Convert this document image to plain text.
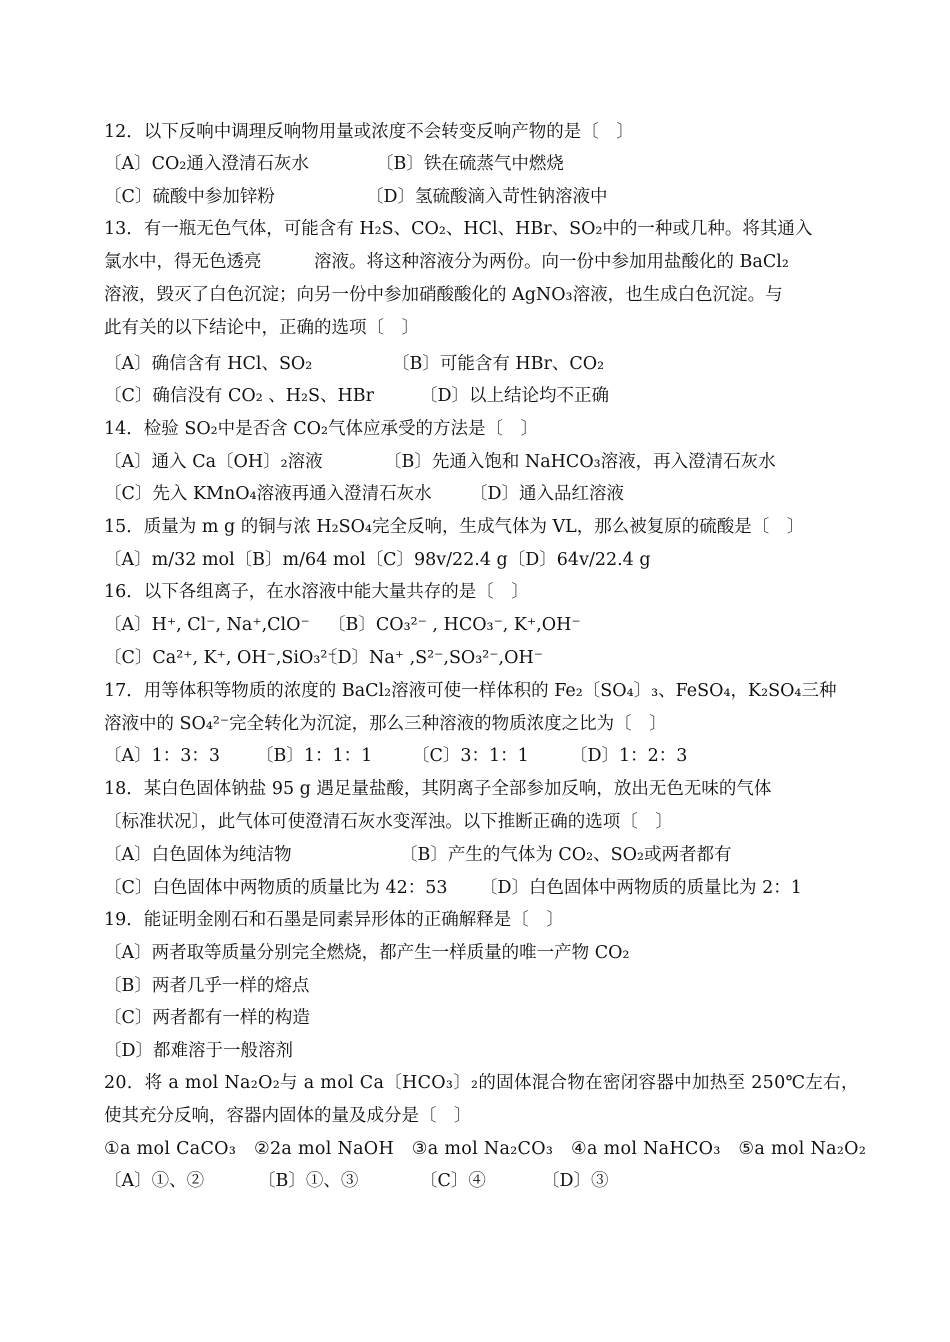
12．以下反响中调理反响物用量或浓度不会转变反响产物的是〔　〕
〔A〕CO₂通入澄清石灰水	〔B〕铁在硫蒸气中燃烧
〔C〕硫酸中参加锌粉	〔D〕氢硫酸滴入苛性钠溶液中
13．有一瓶无色气体，可能含有 H₂S、CO₂、HCl、HBr、SO₂中的一种或几种。将其通入
氯水中，得无色透亮　　　溶液。将这种溶液分为两份。向一份中参加用盐酸化的 BaCl₂
溶液，毁灭了白色沉淀；向另一份中参加硝酸酸化的 AgNO₃溶液，也生成白色沉淀。与
此有关的以下结论中，正确的选项〔　〕
〔A〕确信含有 HCl、SO₂	〔B〕可能含有 HBr、CO₂
〔C〕确信没有 CO₂ 、H₂S、HBr	〔D〕以上结论均不正确
14．检验 SO₂中是否含 CO₂气体应承受的方法是〔　〕
〔A〕通入 Ca〔OH〕₂溶液	〔B〕先通入饱和 NaHCO₃溶液，再入澄清石灰水
〔C〕先入 KMnO₄溶液再通入澄清石灰水 〔D〕通入品红溶液
15．质量为 m g 的铜与浓 H₂SO₄完全反响，生成气体为 VL，那么被复原的硫酸是〔　〕
〔A〕m/32 mol〔B〕m/64 mol〔C〕98v/22.4 g〔D〕64v/22.4 g
16．以下各组离子，在水溶液中能大量共存的是〔　〕
〔A〕H⁺, Cl⁻, Na⁺,ClO⁻ 〔B〕CO₃²⁻ , HCO₃⁻, K⁺,OH⁻
〔C〕Ca²⁺, K⁺, OH⁻,SiO₃²⁻
〔D〕Na⁺ ,S²⁻,SO₃²⁻,OH⁻
17．用等体积等物质的浓度的 BaCl₂溶液可使一样体积的 Fe₂〔SO₄〕₃、FeSO₄，K₂SO₄三种
溶液中的 SO₄²⁻完全转化为沉淀，那么三种溶液的物质浓度之比为〔　〕
〔A〕1：3：3 〔B〕1：1：1 〔C〕3：1：1 〔D〕1：2：3
18．某白色固体钠盐 95 g 遇足量盐酸，其阴离子全部参加反响，放出无色无味的气体
〔标准状况〕，此气体可使澄清石灰水变浑浊。以下推断正确的选项〔　〕
〔A〕白色固体为纯洁物	〔B〕产生的气体为 CO₂、SO₂或两者都有
〔C〕白色固体中两物质的质量比为 42：53 〔D〕白色固体中两物质的质量比为 2：1
19．能证明金刚石和石墨是同素异形体的正确解释是〔　〕
〔A〕两者取等质量分别完全燃烧，都产生一样质量的唯一产物 CO₂
〔B〕两者几乎一样的熔点
〔C〕两者都有一样的构造
〔D〕都难溶于一般溶剂
20．将 a mol Na₂O₂与 a mol Ca〔HCO₃〕₂的固体混合物在密闭容器中加热至 250℃左右，
使其充分反响，容器内固体的量及成分是〔　〕
①a mol CaCO₃　②2a mol NaOH　③a mol Na₂CO₃　④a mol NaHCO₃　⑤a mol Na₂O₂
〔A〕①、②	〔B〕①、③	〔C〕④	〔D〕③
